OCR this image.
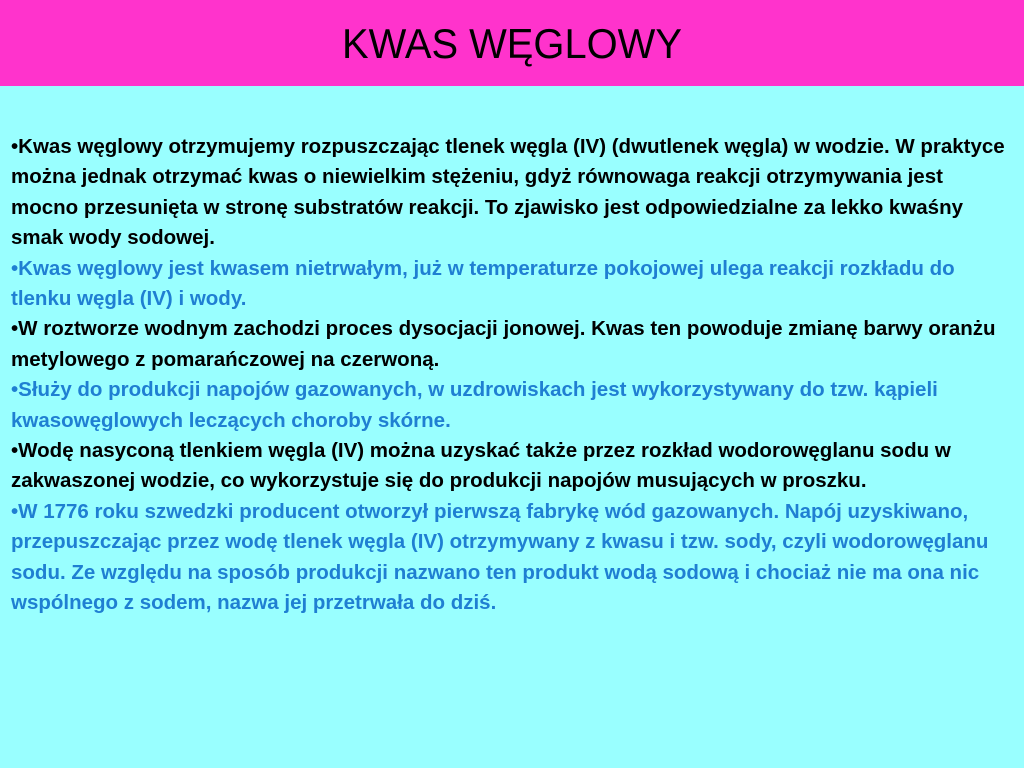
KWAS WĘGLOWY

•Kwas węglowy otrzymujemy rozpuszczając tlenek węgla (IV) (dwutlenek węgla) w wodzie. W praktyce można jednak otrzymać kwas o niewielkim stężeniu, gdyż równowaga reakcji otrzymywania jest mocno przesunięta w stronę substratów reakcji. To zjawisko jest odpowiedzialne za lekko kwaśny smak wody sodowej.

•Kwas węglowy jest kwasem nietrwałym, już w temperaturze pokojowej ulega reakcji rozkładu do tlenku węgla (IV) i wody.

•W roztworze wodnym zachodzi proces dysocjacji jonowej. Kwas ten powoduje zmianę barwy oranżu metylowego z pomarańczowej na czerwoną.

•Służy do produkcji napojów gazowanych, w uzdrowiskach jest wykorzystywany do tzw. kąpieli kwasowęglowych leczących choroby skórne.

•Wodę nasyconą tlenkiem węgla (IV) można uzyskać także przez rozkład wodorowęglanu sodu w zakwaszonej wodzie, co wykorzystuje się do produkcji napojów musujących w proszku.

•W 1776 roku szwedzki producent otworzył pierwszą fabrykę wód gazowanych. Napój uzyskiwano, przepuszczając przez wodę tlenek węgla (IV) otrzymywany z kwasu i tzw. sody, czyli wodorowęglanu sodu. Ze względu na sposób produkcji nazwano ten produkt wodą sodową i chociaż nie ma ona nic wspólnego z sodem, nazwa jej przetrwała do dziś.
